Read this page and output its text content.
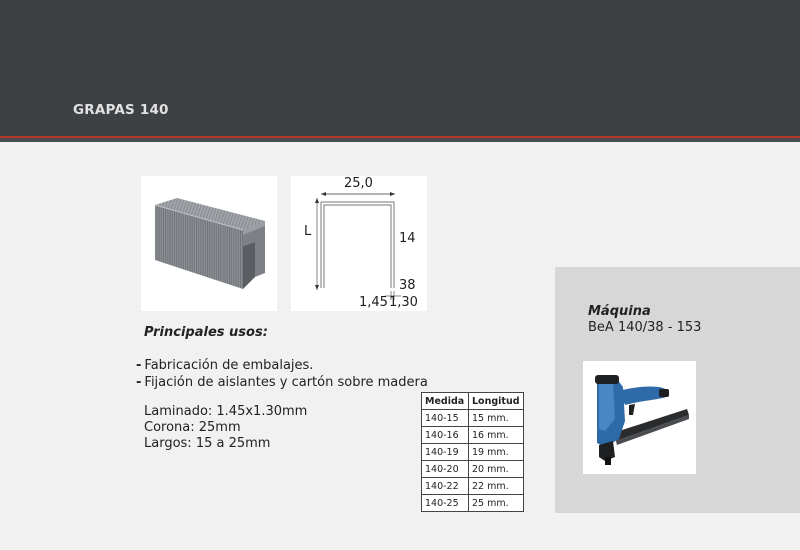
GRAPAS 140
25,0
L	14
38
1,45 1,30
Principales usos:
- Fabricación de embalajes.
- Fijación de aislantes y cartón sobre madera
Laminado: 1.45x1.30mm
Corona: 25mm
Largos: 15 a 25mm
Medida	Longitud
140-15	15 mm.
140-16	16 mm.
140-19	19 mm.
140-20	20 mm.
140-22	22 mm.
140-25	25 mm.
Máquina
BeA 140/38 - 153
